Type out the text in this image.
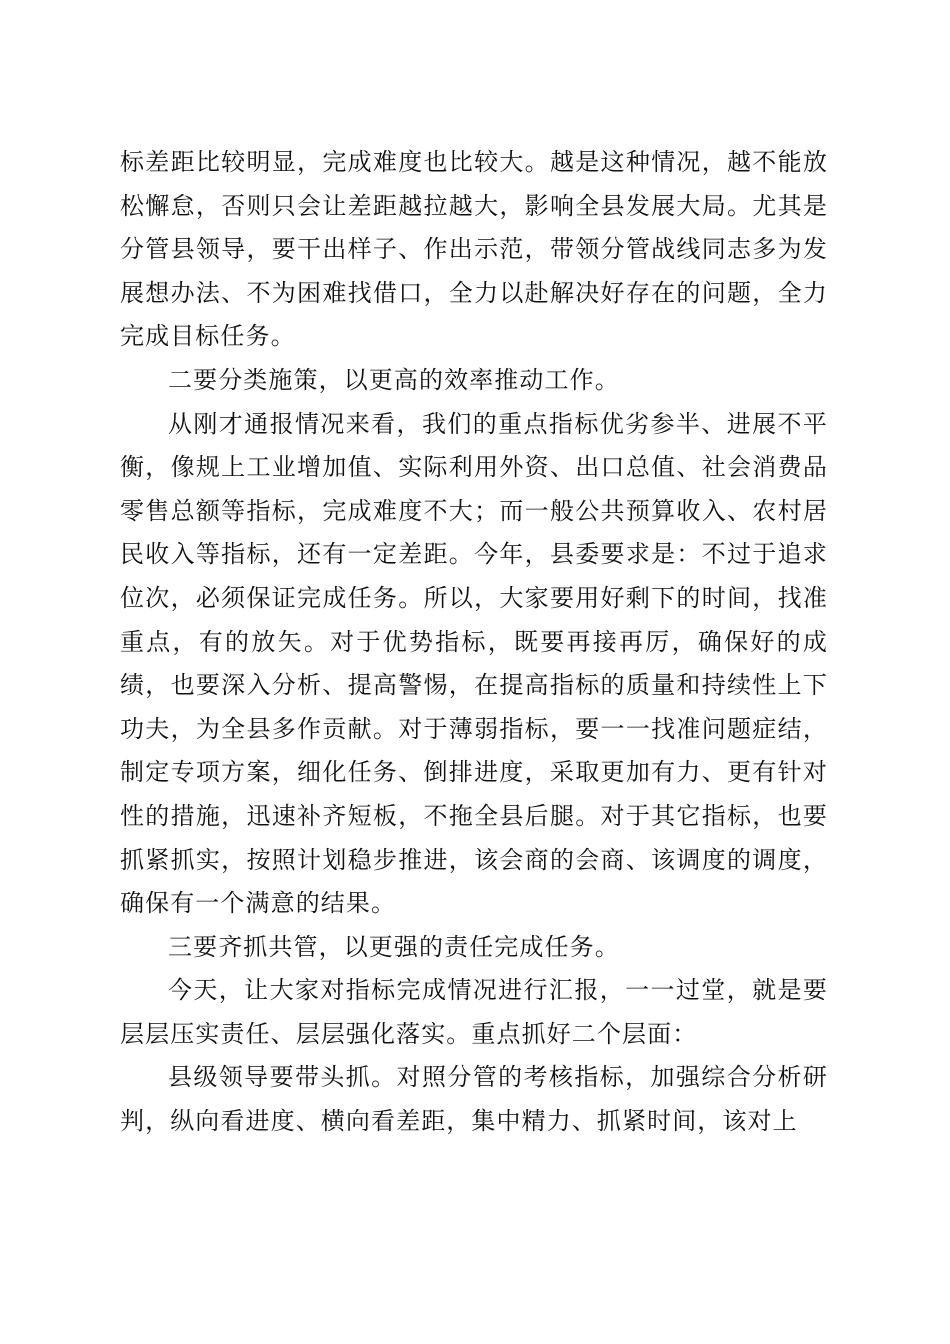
标差距比较明显，完成难度也比较大。越是这种情况，越不能放松懈怠，否则只会让差距越拉越大，影响全县发展大局。尤其是分管县领导，要干出样子、作出示范，带领分管战线同志多为发展想办法、不为困难找借口，全力以赴解决好存在的问题，全力完成目标任务。

二要分类施策，以更高的效率推动工作。

从刚才通报情况来看，我们的重点指标优劣参半、进展不平衡，像规上工业增加值、实际利用外资、出口总值、社会消费品零售总额等指标，完成难度不大；而一般公共预算收入、农村居民收入等指标，还有一定差距。今年，县委要求是：不过于追求位次，必须保证完成任务。所以，大家要用好剩下的时间，找准重点，有的放矢。对于优势指标，既要再接再厉，确保好的成绩，也要深入分析、提高警惕，在提高指标的质量和持续性上下功夫，为全县多作贡献。对于薄弱指标，要一一找准问题症结，制定专项方案，细化任务、倒排进度，采取更加有力、更有针对性的措施，迅速补齐短板，不拖全县后腿。对于其它指标，也要抓紧抓实，按照计划稳步推进，该会商的会商、该调度的调度，确保有一个满意的结果。

三要齐抓共管，以更强的责任完成任务。

今天，让大家对指标完成情况进行汇报，一一过堂，就是要层层压实责任、层层强化落实。重点抓好二个层面：

县级领导要带头抓。对照分管的考核指标，加强综合分析研判，纵向看进度、横向看差距，集中精力、抓紧时间，该对上
